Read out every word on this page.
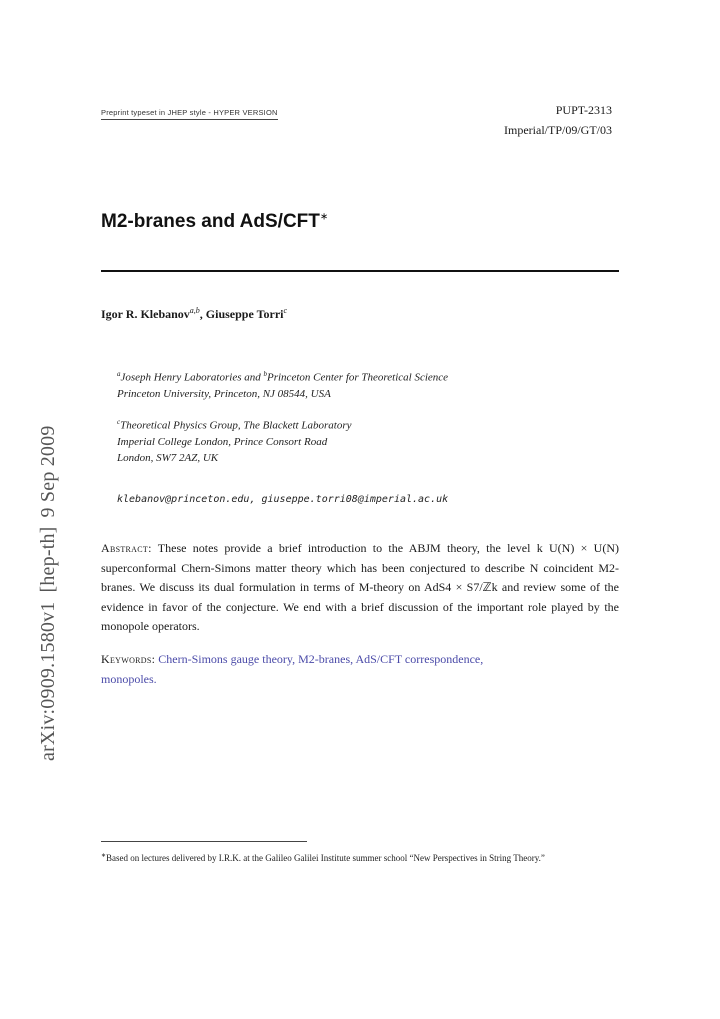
Preprint typeset in JHEP style - HYPER VERSION	PUPT-2313
Imperial/TP/09/GT/03
M2-branes and AdS/CFT∗
Igor R. Klebanov$^{a,b}$, Giuseppe Torri$^c$
$^a$Joseph Henry Laboratories and $^b$Princeton Center for Theoretical Science
Princeton University, Princeton, NJ 08544, USA
$^c$Theoretical Physics Group, The Blackett Laboratory
Imperial College London, Prince Consort Road
London, SW7 2AZ, UK
klebanov@princeton.edu, giuseppe.torri08@imperial.ac.uk
Abstract: These notes provide a brief introduction to the ABJM theory, the level k U(N) × U(N) superconformal Chern-Simons matter theory which has been conjectured to describe N coincident M2-branes. We discuss its dual formulation in terms of M-theory on AdS4 × S7/ℤk and review some of the evidence in favor of the conjecture. We end with a brief discussion of the important role played by the monopole operators.
Keywords: Chern-Simons gauge theory, M2-branes, AdS/CFT correspondence,
monopoles.
∗Based on lectures delivered by I.R.K. at the Galileo Galilei Institute summer school “New Perspectives in String Theory.”
arXiv:0909.1580v1[hep-th]9 Sep 2009
